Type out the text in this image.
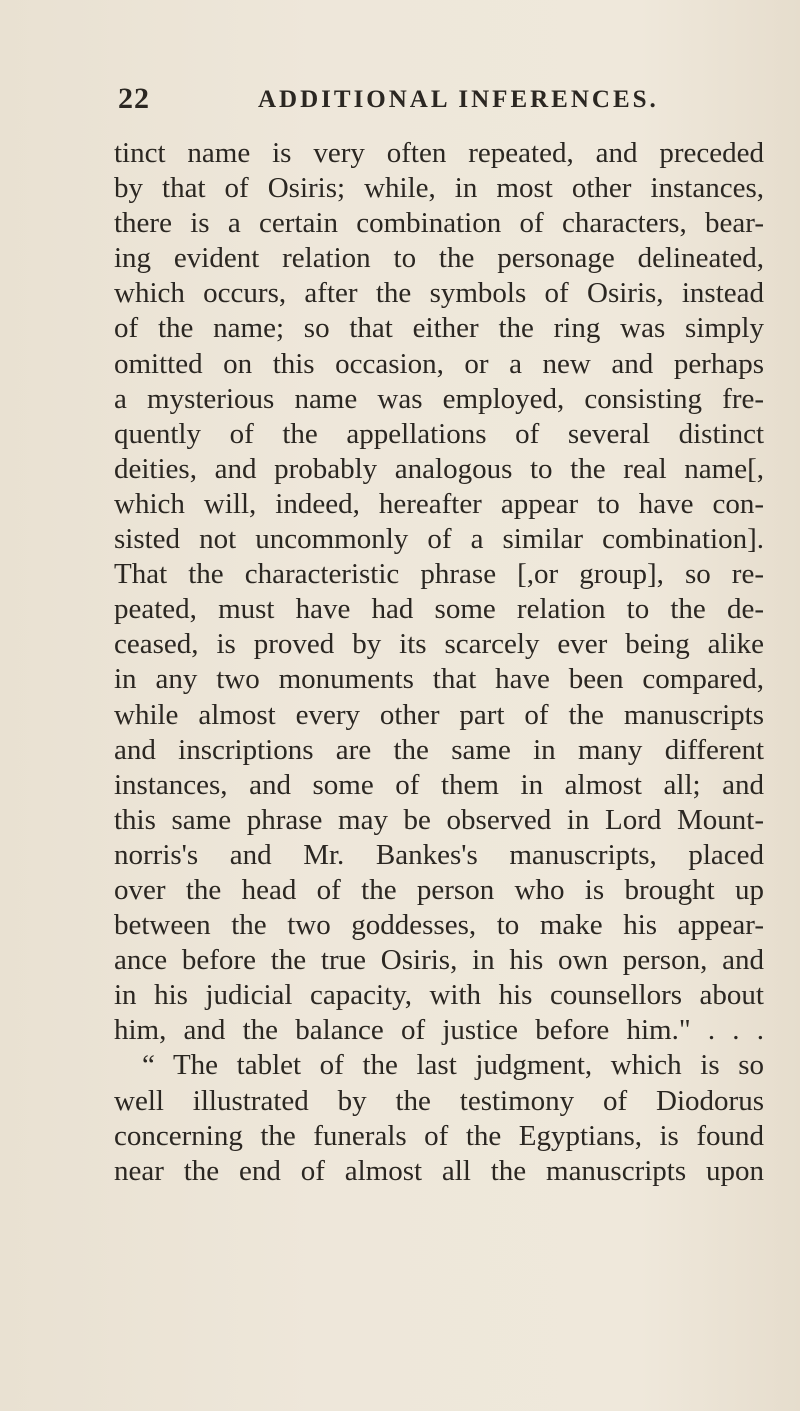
22	ADDITIONAL INFERENCES.
tinct name is very often repeated, and preceded
by that of Osiris; while, in most other instances,
there is a certain combination of characters, bear-
ing evident relation to the personage delineated,
which occurs, after the symbols of Osiris, instead
of the name; so that either the ring was simply
omitted on this occasion, or a new and perhaps
a mysterious name was employed, consisting fre-
quently of the appellations of several distinct
deities, and probably analogous to the real name[,
which will, indeed, hereafter appear to have con-
sisted not uncommonly of a similar combination].
That the characteristic phrase [,or group], so re-
peated, must have had some relation to the de-
ceased, is proved by its scarcely ever being alike
in any two monuments that have been compared,
while almost every other part of the manuscripts
and inscriptions are the same in many different
instances, and some of them in almost all; and
this same phrase may be observed in Lord Mount-
norris's and Mr. Bankes's manuscripts, placed
over the head of the person who is brought up
between the two goddesses, to make his appear-
ance before the true Osiris, in his own person, and
in his judicial capacity, with his counsellors about
him, and the balance of justice before him." . . .
“ The tablet of the last judgment, which is so
well illustrated by the testimony of Diodorus
concerning the funerals of the Egyptians, is found
near the end of almost all the manuscripts upon
